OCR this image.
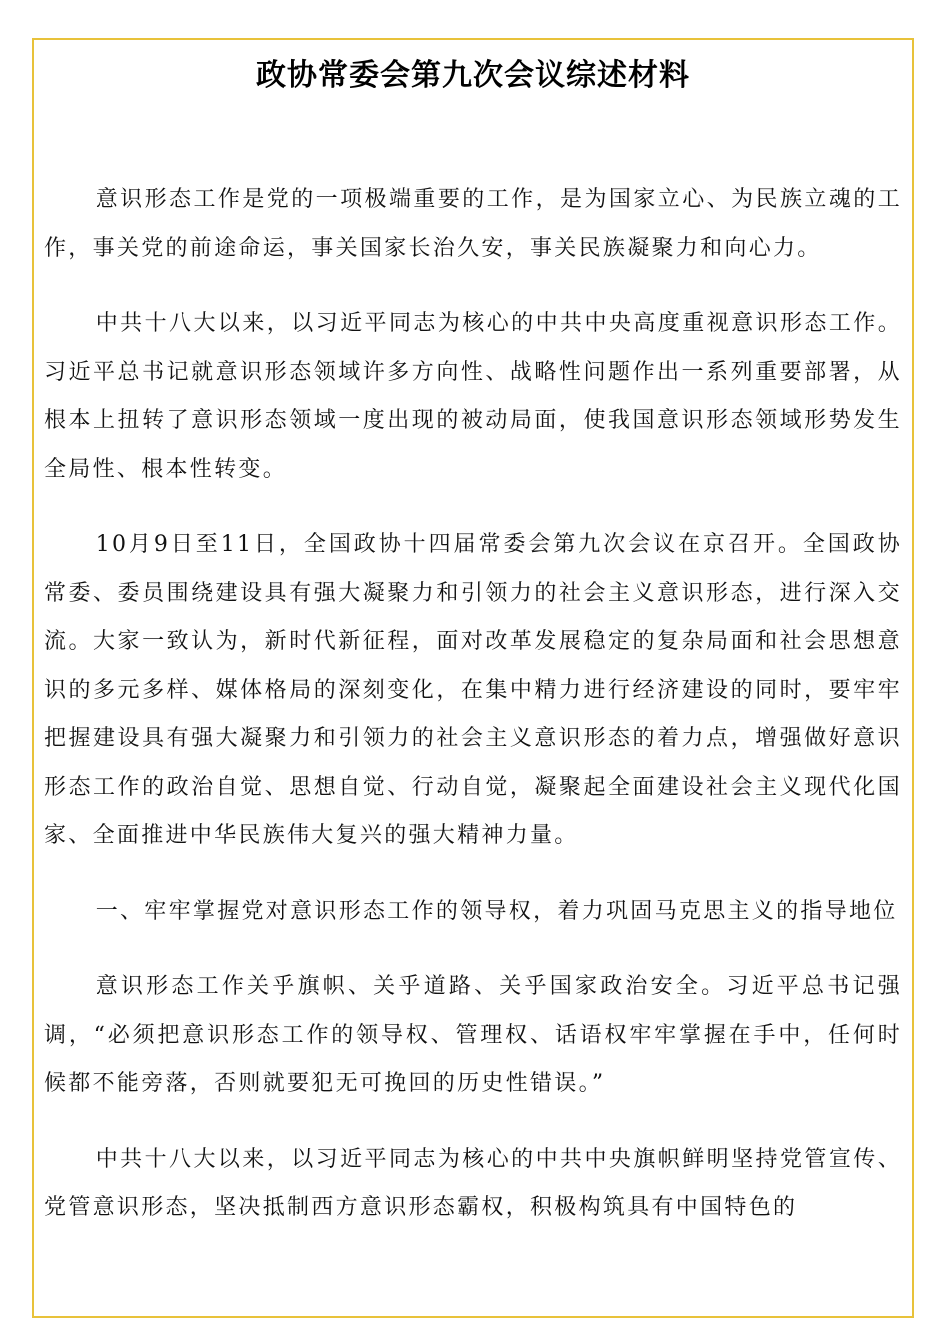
政协常委会第九次会议综述材料

意识形态工作是党的一项极端重要的工作，是为国家立心、为民族立魂的工作，事关党的前途命运，事关国家长治久安，事关民族凝聚力和向心力。

中共十八大以来，以习近平同志为核心的中共中央高度重视意识形态工作。习近平总书记就意识形态领域许多方向性、战略性问题作出一系列重要部署，从根本上扭转了意识形态领域一度出现的被动局面，使我国意识形态领域形势发生全局性、根本性转变。

10月9日至11日，全国政协十四届常委会第九次会议在京召开。全国政协常委、委员围绕建设具有强大凝聚力和引领力的社会主义意识形态，进行深入交流。大家一致认为，新时代新征程，面对改革发展稳定的复杂局面和社会思想意识的多元多样、媒体格局的深刻变化，在集中精力进行经济建设的同时，要牢牢把握建设具有强大凝聚力和引领力的社会主义意识形态的着力点，增强做好意识形态工作的政治自觉、思想自觉、行动自觉，凝聚起全面建设社会主义现代化国家、全面推进中华民族伟大复兴的强大精神力量。

一、牢牢掌握党对意识形态工作的领导权，着力巩固马克思主义的指导地位

意识形态工作关乎旗帜、关乎道路、关乎国家政治安全。习近平总书记强调，“必须把意识形态工作的领导权、管理权、话语权牢牢掌握在手中，任何时候都不能旁落，否则就要犯无可挽回的历史性错误。”

中共十八大以来，以习近平同志为核心的中共中央旗帜鲜明坚持党管宣传、党管意识形态，坚决抵制西方意识形态霸权，积极构筑具有中国特色的
